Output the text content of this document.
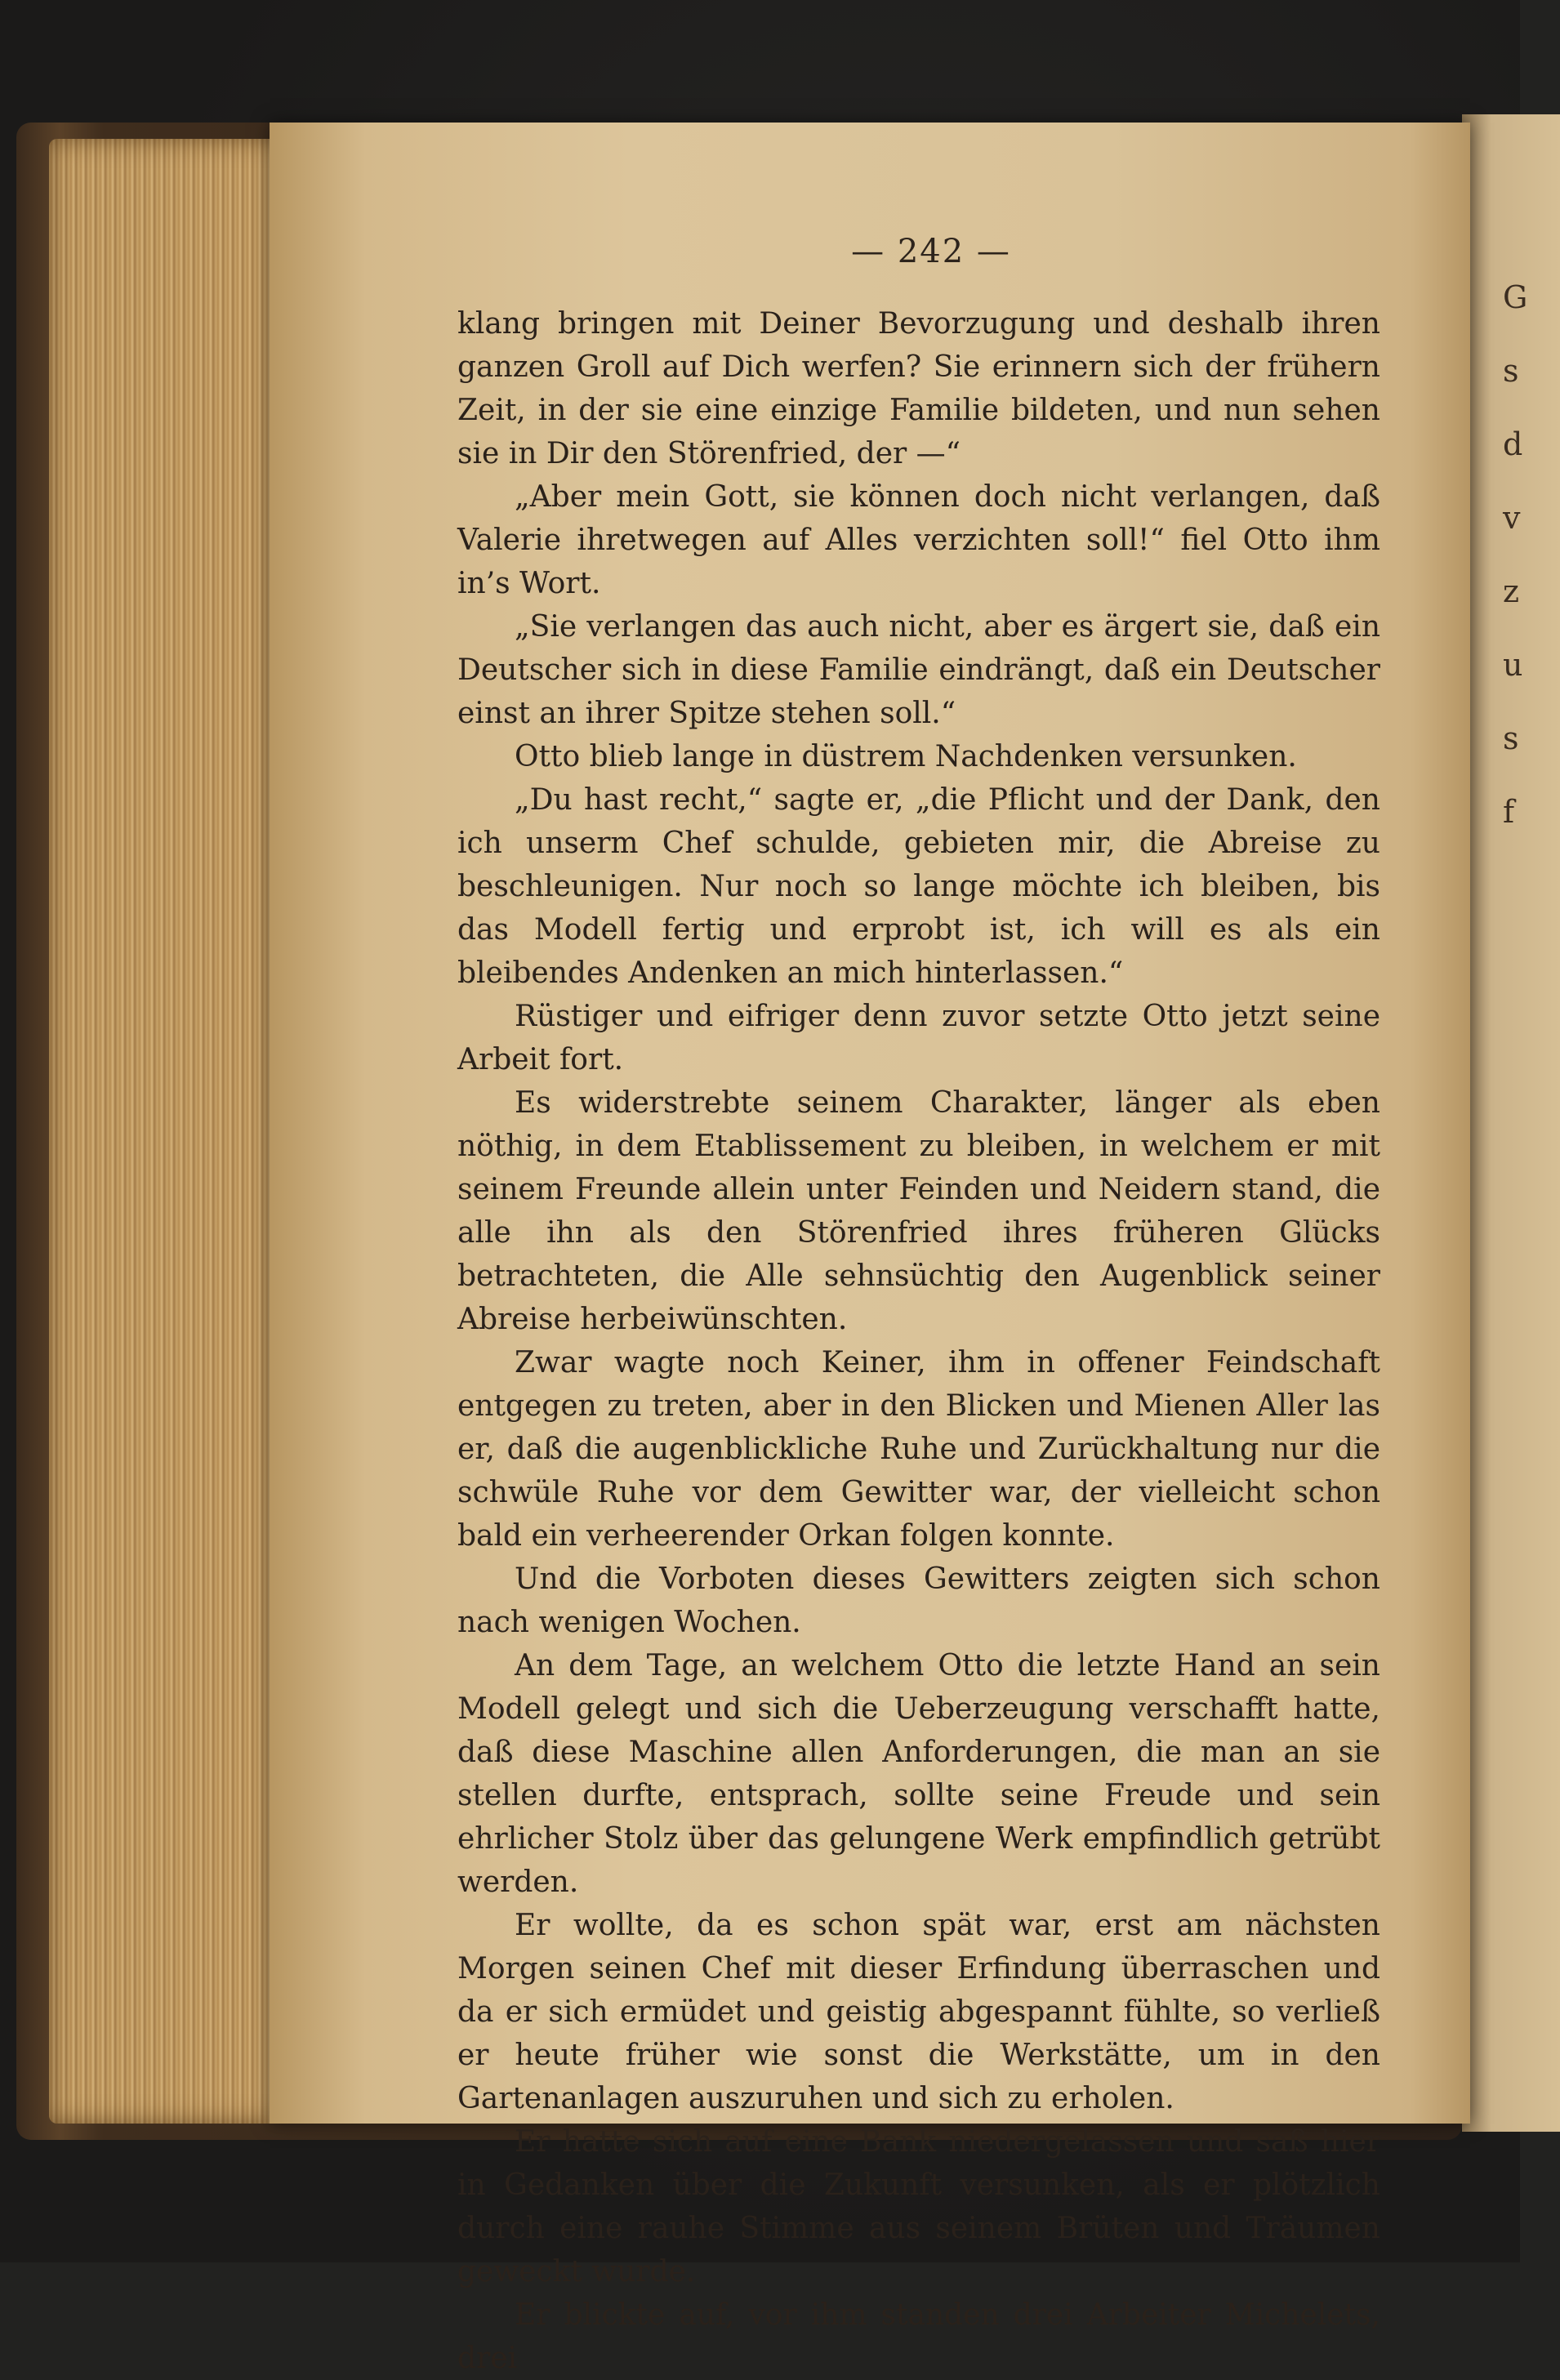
G
s
d
v
z
u
s
f
— 242 —

klang bringen mit Deiner Bevorzugung und deshalb ihren ganzen Groll auf Dich werfen? Sie erinnern sich der frühern Zeit, in der sie eine einzige Familie bildeten, und nun sehen sie in Dir den Störenfried, der —“

„Aber mein Gott, sie können doch nicht verlangen, daß Valerie ihretwegen auf Alles verzichten soll!“ fiel Otto ihm in’s Wort.

„Sie verlangen das auch nicht, aber es ärgert sie, daß ein Deutscher sich in diese Familie eindrängt, daß ein Deutscher einst an ihrer Spitze stehen soll.“

Otto blieb lange in düstrem Nachdenken versunken.

„Du hast recht,“ sagte er, „die Pflicht und der Dank, den ich unserm Chef schulde, gebieten mir, die Abreise zu beschleunigen. Nur noch so lange möchte ich bleiben, bis das Modell fertig und erprobt ist, ich will es als ein bleibendes Andenken an mich hinterlassen.“

Rüstiger und eifriger denn zuvor setzte Otto jetzt seine Arbeit fort.

Es widerstrebte seinem Charakter, länger als eben nöthig, in dem Etablissement zu bleiben, in welchem er mit seinem Freunde allein unter Feinden und Neidern stand, die alle ihn als den Störenfried ihres früheren Glücks betrachteten, die Alle sehnsüchtig den Augenblick seiner Abreise herbeiwünschten.

Zwar wagte noch Keiner, ihm in offener Feindschaft entgegen zu treten, aber in den Blicken und Mienen Aller las er, daß die augenblickliche Ruhe und Zurückhaltung nur die schwüle Ruhe vor dem Gewitter war, der vielleicht schon bald ein verheerender Orkan folgen konnte.

Und die Vorboten dieses Gewitters zeigten sich schon nach wenigen Wochen.

An dem Tage, an welchem Otto die letzte Hand an sein Modell gelegt und sich die Ueberzeugung verschafft hatte, daß diese Maschine allen Anforderungen, die man an sie stellen durfte, entsprach, sollte seine Freude und sein ehrlicher Stolz über das gelungene Werk empfindlich getrübt werden.

Er wollte, da es schon spät war, erst am nächsten Morgen seinen Chef mit dieser Erfindung überraschen und da er sich ermüdet und geistig abgespannt fühlte, so verließ er heute früher wie sonst die Werkstätte, um in den Gartenanlagen auszuruhen und sich zu erholen.

Er hatte sich auf eine Bank niedergelassen und saß hier in Gedanken über die Zukunft versunken, als er plötzlich durch eine rauhe Stimme aus seinem Brüten und Träumen geweckt wurde.

Er blickte auf, vor ihm standen drei Arbeiter Michelets, drei
